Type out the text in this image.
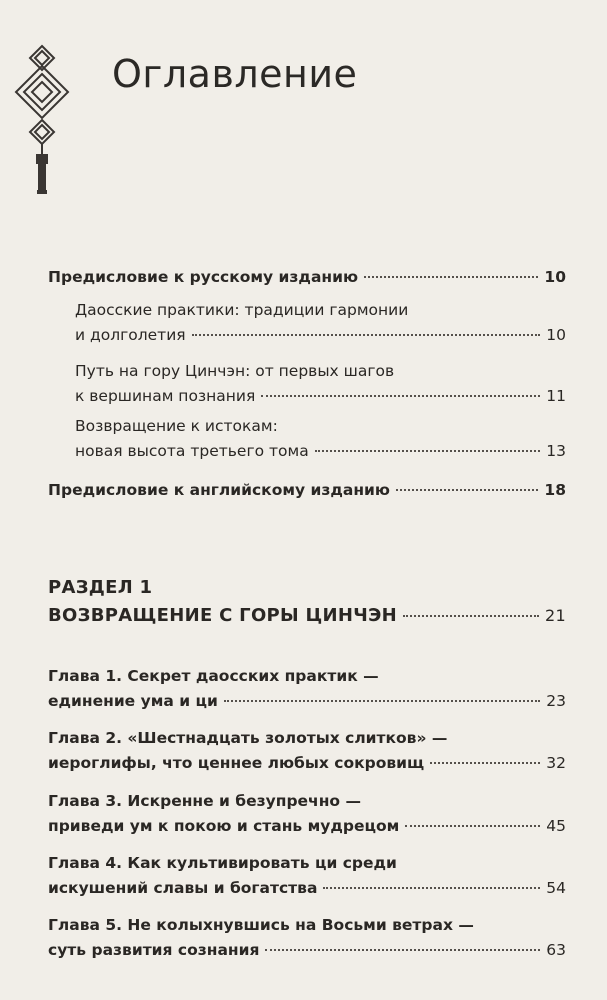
Оглавление
Предисловие к русскому изданию	10
Даосские практики: традиции гармонии
и долголетия	10
Путь на гору Цинчэн: от первых шагов
к вершинам познания	11
Возвращение к истокам:
новая высота третьего тома	13
Предисловие к английскому изданию	18
РАЗДЕЛ 1
ВОЗВРАЩЕНИЕ С ГОРЫ ЦИНЧЭН	21
Глава 1. Секрет даосских практик —
единение ума и ци	23
Глава 2. «Шестнадцать золотых слитков» —
иероглифы, что ценнее любых сокровищ	32
Глава 3. Искренне и безупречно —
приведи ум к покою и стань мудрецом	45
Глава 4. Как культивировать ци среди
искушений славы и богатства	54
Глава 5. Не колыхнувшись на Восьми ветрах —
суть развития сознания	63
